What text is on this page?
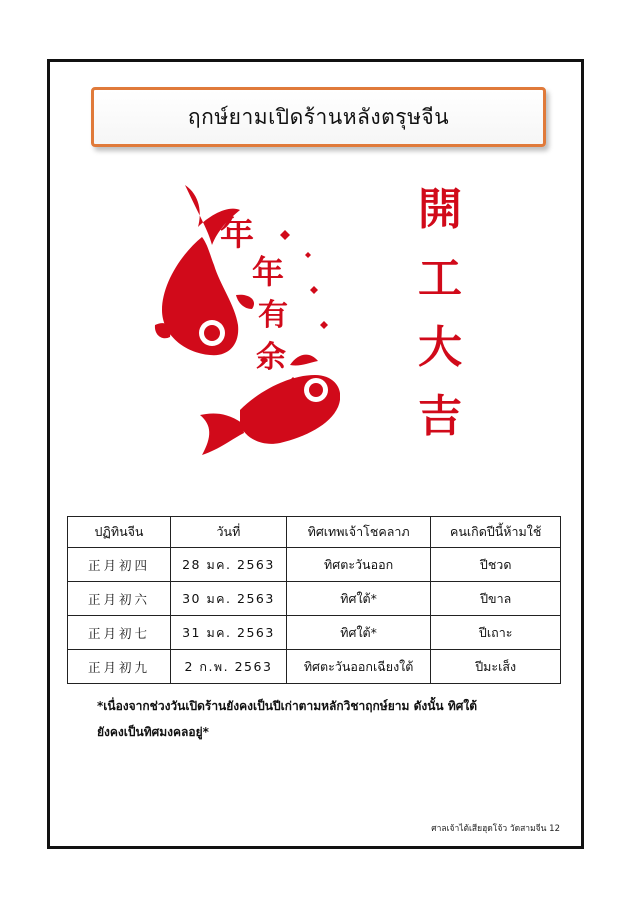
ฤกษ์ยามเปิดร้านหลังตรุษจีน
年
年
有
余
開
工
大
吉
ปฏิทินจีน	วันที่	ทิศเทพเจ้าโชคลาภ	คนเกิดปีนี้ห้ามใช้
正月初四	28 มค. 2563	ทิศตะวันออก	ปีชวด
正月初六	30 มค. 2563	ทิศใต้*	ปีขาล
正月初七	31 มค. 2563	ทิศใต้*	ปีเถาะ
正月初九	2 ก.พ. 2563	ทิศตะวันออกเฉียงใต้	ปีมะเส็ง
*เนื่องจากช่วงวันเปิดร้านยังคงเป็นปีเก่าตามหลักวิชาฤกษ์ยาม ดังนั้น ทิศใต้
ยังคงเป็นทิศมงคลอยู่*
ศาลเจ้าไต้เสียฮุดโจ้ว วัดสามจีน 12
